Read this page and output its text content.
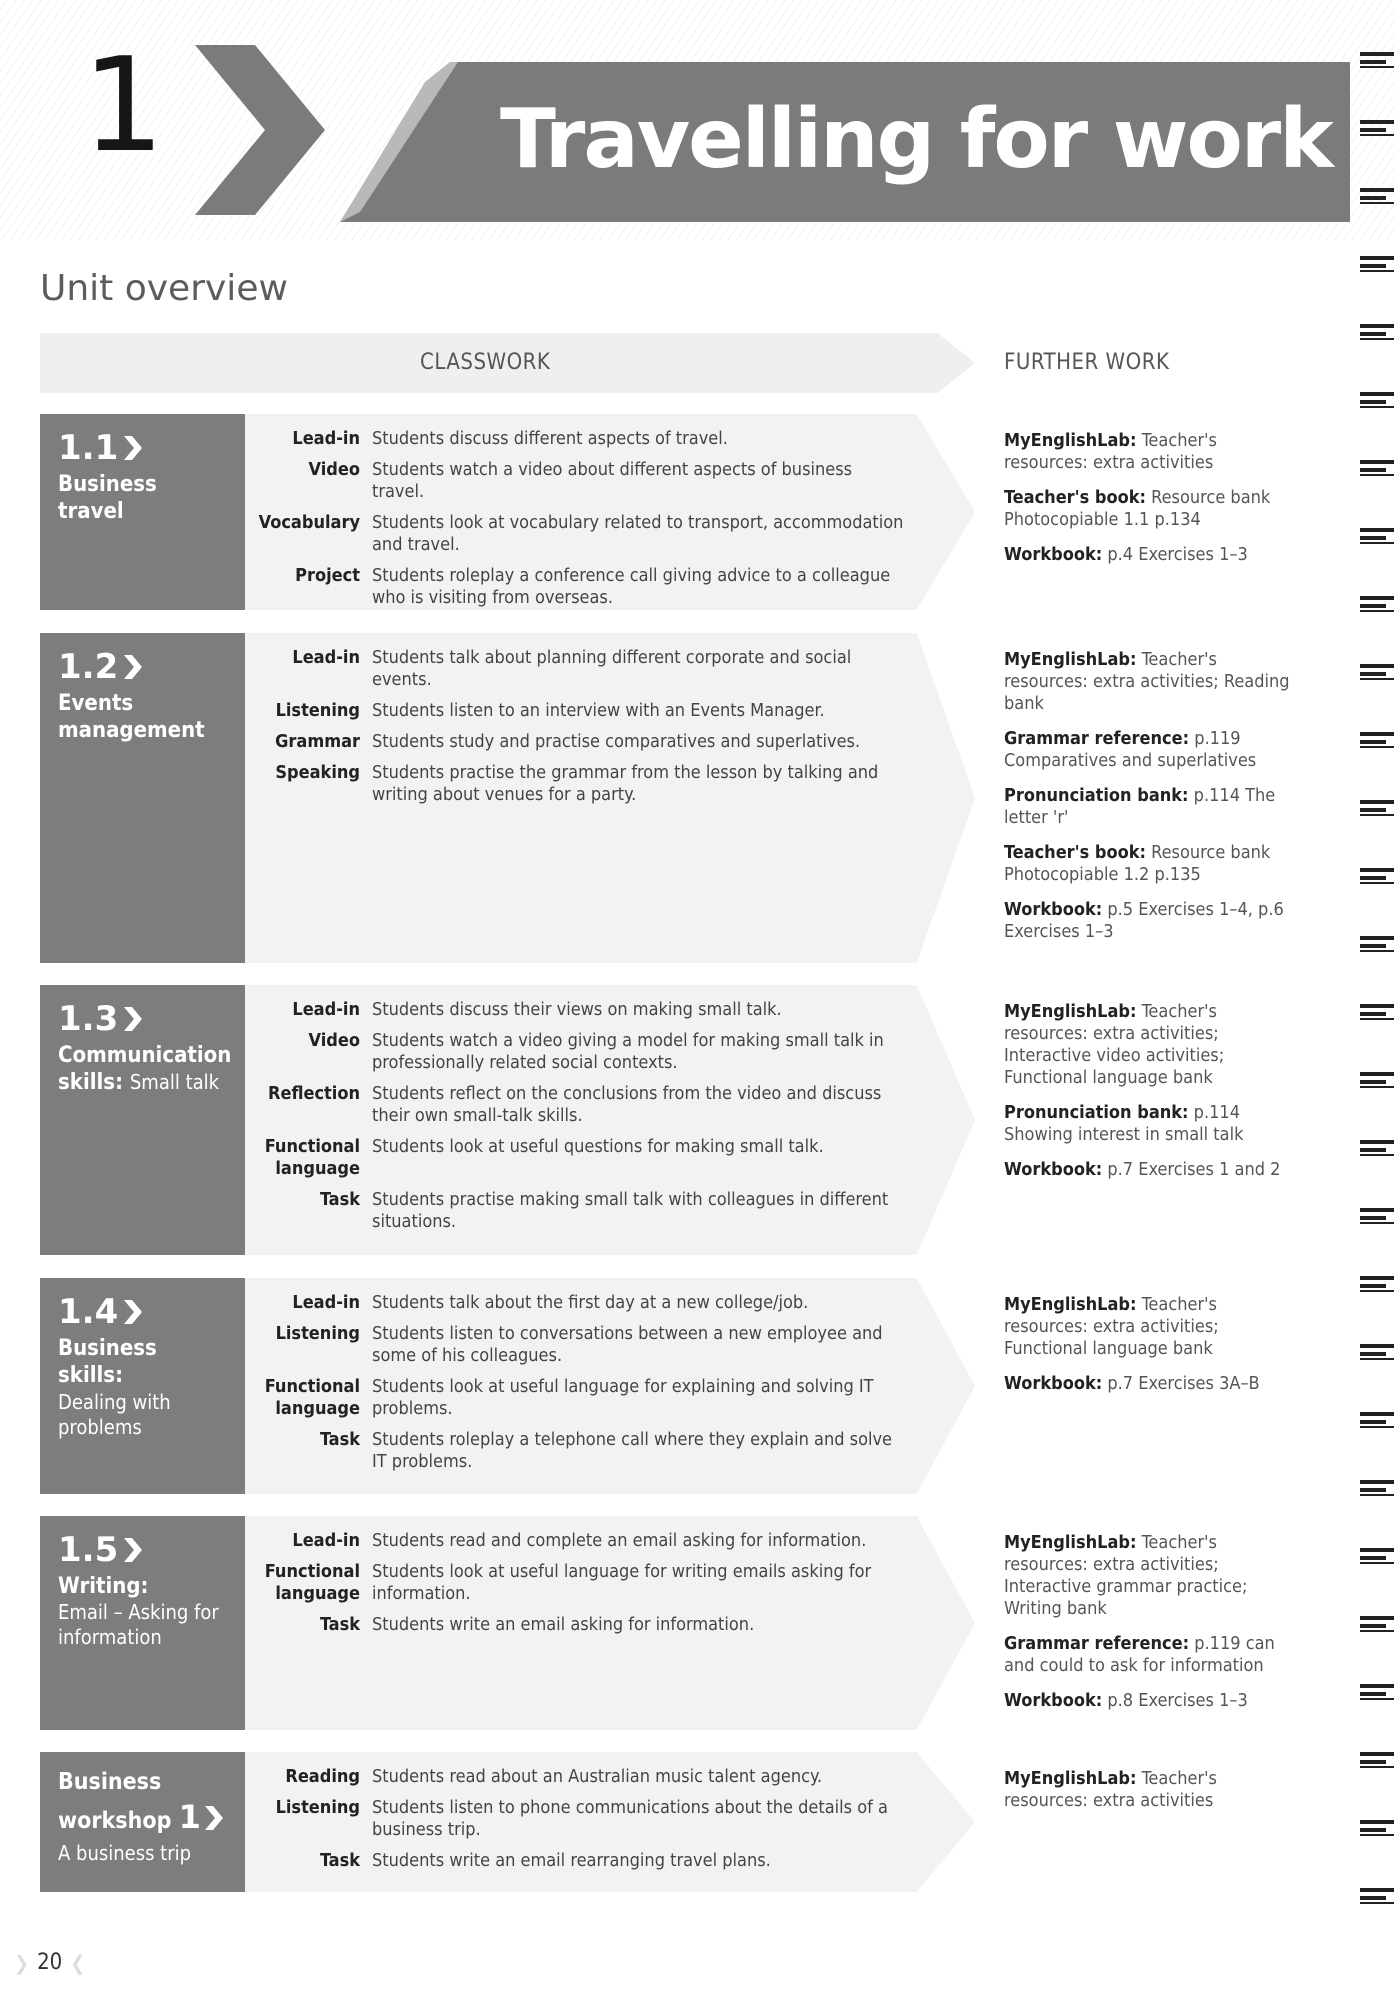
1	Travelling for work
Unit overview
CLASSWORK	FURTHER WORK
1.1
Business travel
Lead-in Students discuss different aspects of travel.
Video Students watch a video about different aspects of business travel.
Vocabulary Students look at vocabulary related to transport, accommodation and travel.
Project Students roleplay a conference call giving advice to a colleague who is visiting from overseas.
MyEnglishLab: Teacher's resources: extra activities
Teacher's book: Resource bank Photocopiable 1.1 p.134
Workbook: p.4 Exercises 1–3
1.2
Events management
Lead-in Students talk about planning different corporate and social events.
Listening Students listen to an interview with an Events Manager.
Grammar Students study and practise comparatives and superlatives.
Speaking Students practise the grammar from the lesson by talking and writing about venues for a party.
MyEnglishLab: Teacher's resources: extra activities; Reading bank
Grammar reference: p.119 Comparatives and superlatives
Pronunciation bank: p.114 The letter 'r'
Teacher's book: Resource bank Photocopiable 1.2 p.135
Workbook: p.5 Exercises 1–4, p.6 Exercises 1–3
1.3
Communication skills: Small talk
Lead-in Students discuss their views on making small talk.
Video Students watch a video giving a model for making small talk in professionally related social contexts.
Reflection Students reflect on the conclusions from the video and discuss their own small-talk skills.
Functional language
Students look at useful questions for making small talk.
Task Students practise making small talk with colleagues in different situations.
MyEnglishLab: Teacher's resources: extra activities; Interactive video activities; Functional language bank
Pronunciation bank: p.114 Showing interest in small talk
Workbook: p.7 Exercises 1 and 2
1.4
Business skills:
Dealing with problems
Lead-in Students talk about the first day at a new college/job.
Listening Students listen to conversations between a new employee and some of his colleagues.
Functional language
Students look at useful language for explaining and solving IT problems.
Task Students roleplay a telephone call where they explain and solve IT problems.
MyEnglishLab: Teacher's resources: extra activities; Functional language bank
Workbook: p.7 Exercises 3A–B
1.5
Writing:
Email – Asking for information
Lead-in Students read and complete an email asking for information.
Functional language
Students look at useful language for writing emails asking for information.
Task Students write an email asking for information.
MyEnglishLab: Teacher's resources: extra activities; Interactive grammar practice; Writing bank
Grammar reference: p.119 can and could to ask for information
Workbook: p.8 Exercises 1–3
Business workshop 1
A business trip
Reading Students read about an Australian music talent agency.
Listening Students listen to phone communications about the details of a business trip.
Task Students write an email rearranging travel plans.
MyEnglishLab: Teacher's resources: extra activities
❯ 20 ❮
